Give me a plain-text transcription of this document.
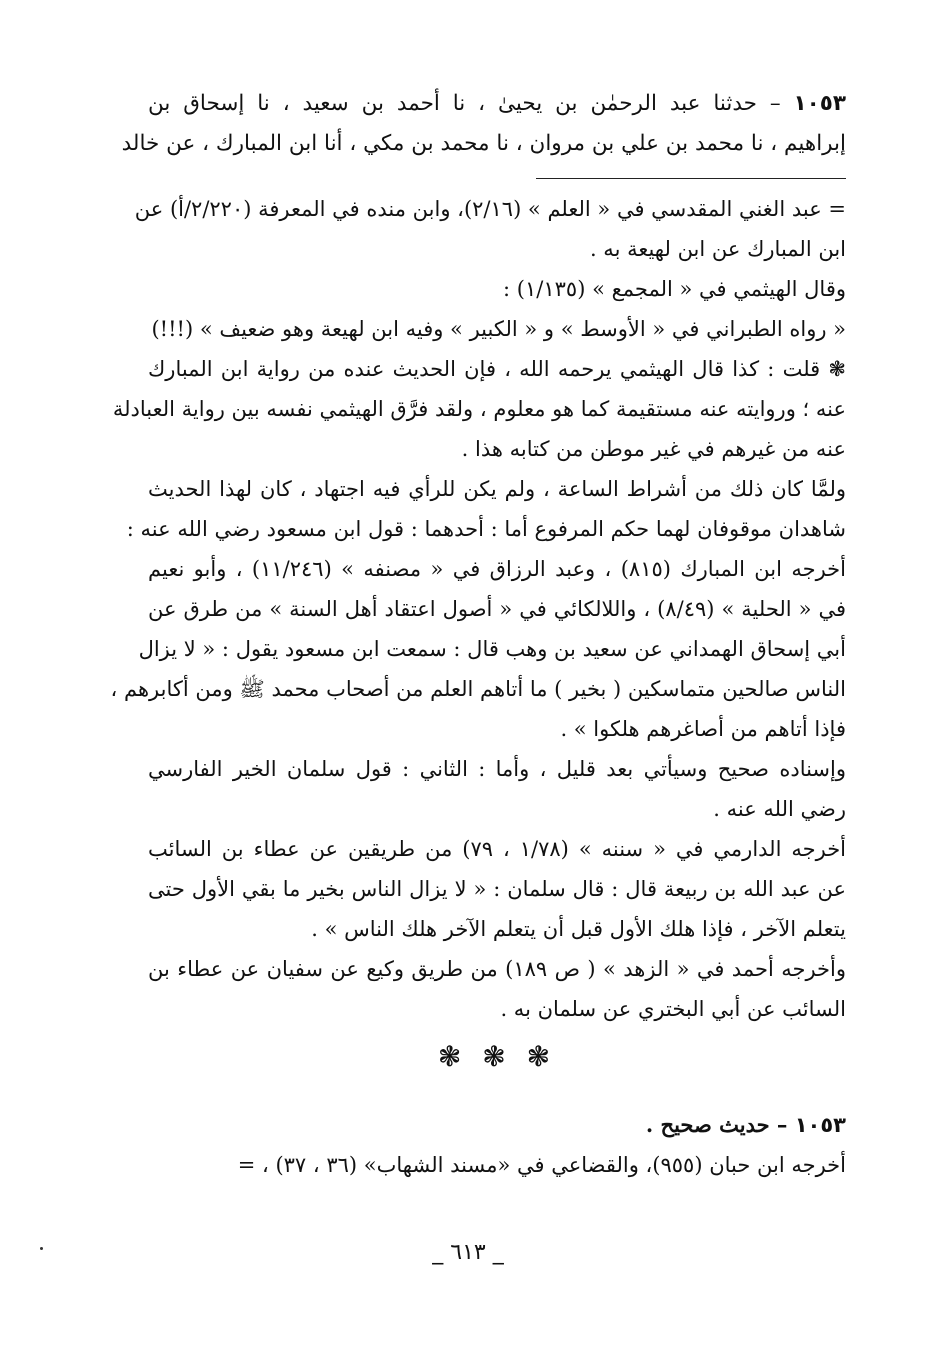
١٠٥٣ – حدثنا عبد الرحمٰن بن يحيىٰ ، نا أحمد بن سعيد ، نا إسحاق بن
إبراهيم ، نا محمد بن علي بن مروان ، نا محمد بن مكي ، أنا ابن المبارك ، عن خالد
= عبد الغني المقدسي في « العلم » (٢/١٦)، وابن منده في المعرفة (٢/٢٢٠/أ) عن
ابن المبارك عن ابن لهيعة به .
وقال الهيثمي في « المجمع » (١/١٣٥) :
« رواه الطبراني في « الأوسط » و « الكبير » وفيه ابن لهيعة وهو ضعيف » (!!!)
❃ قلت : كذا قال الهيثمي يرحمه الله ، فإن الحديث عنده من رواية ابن المبارك
عنه ؛ وروايته عنه مستقيمة كما هو معلوم ، ولقد فرَّق الهيثمي نفسه بين رواية العبادلة
عنه من غيرهم في غير موطن من كتابه هذا .
ولمَّا كان ذلك من أشراط الساعة ، ولم يكن للرأي فيه اجتهاد ، كان لهذا الحديث
شاهدان موقوفان لهما حكم المرفوع أما : أحدهما : قول ابن مسعود رضي الله عنه :
أخرجه ابن المبارك (٨١٥) ، وعبد الرزاق في « مصنفه » (١١/٢٤٦) ، وأبو نعيم
في « الحلية » (٨/٤٩) ، واللالكائي في « أصول اعتقاد أهل السنة » من طرق عن
أبي إسحاق الهمداني عن سعيد بن وهب قال : سمعت ابن مسعود يقول : « لا يزال
الناس صالحين متماسكين ( بخير ) ما أتاهم العلم من أصحاب محمد ﷺ ومن أكابرهم ،
فإذا أتاهم من أصاغرهم هلكوا » .
وإسناده صحيح وسيأتي بعد قليل ، وأما : الثاني : قول سلمان الخير الفارسي
رضي الله عنه .
أخرجه الدارمي في « سننه » (١/٧٨ ، ٧٩) من طريقين عن عطاء بن السائب
عن عبد الله بن ربيعة قال : قال سلمان : « لا يزال الناس بخير ما بقي الأول حتى
يتعلم الآخر ، فإذا هلك الأول قبل أن يتعلم الآخر هلك الناس » .
وأخرجه أحمد في « الزهد » ( ص ١٨٩) من طريق وكيع عن سفيان عن عطاء بن
السائب عن أبي البختري عن سلمان به .
❃ ❃ ❃
١٠٥٣ – حديث صحيح .
أخرجه ابن حبان (٩٥٥)، والقضاعي في «مسند الشهاب» (٣٦ ، ٣٧) ، =
_ ٦١٣ _
